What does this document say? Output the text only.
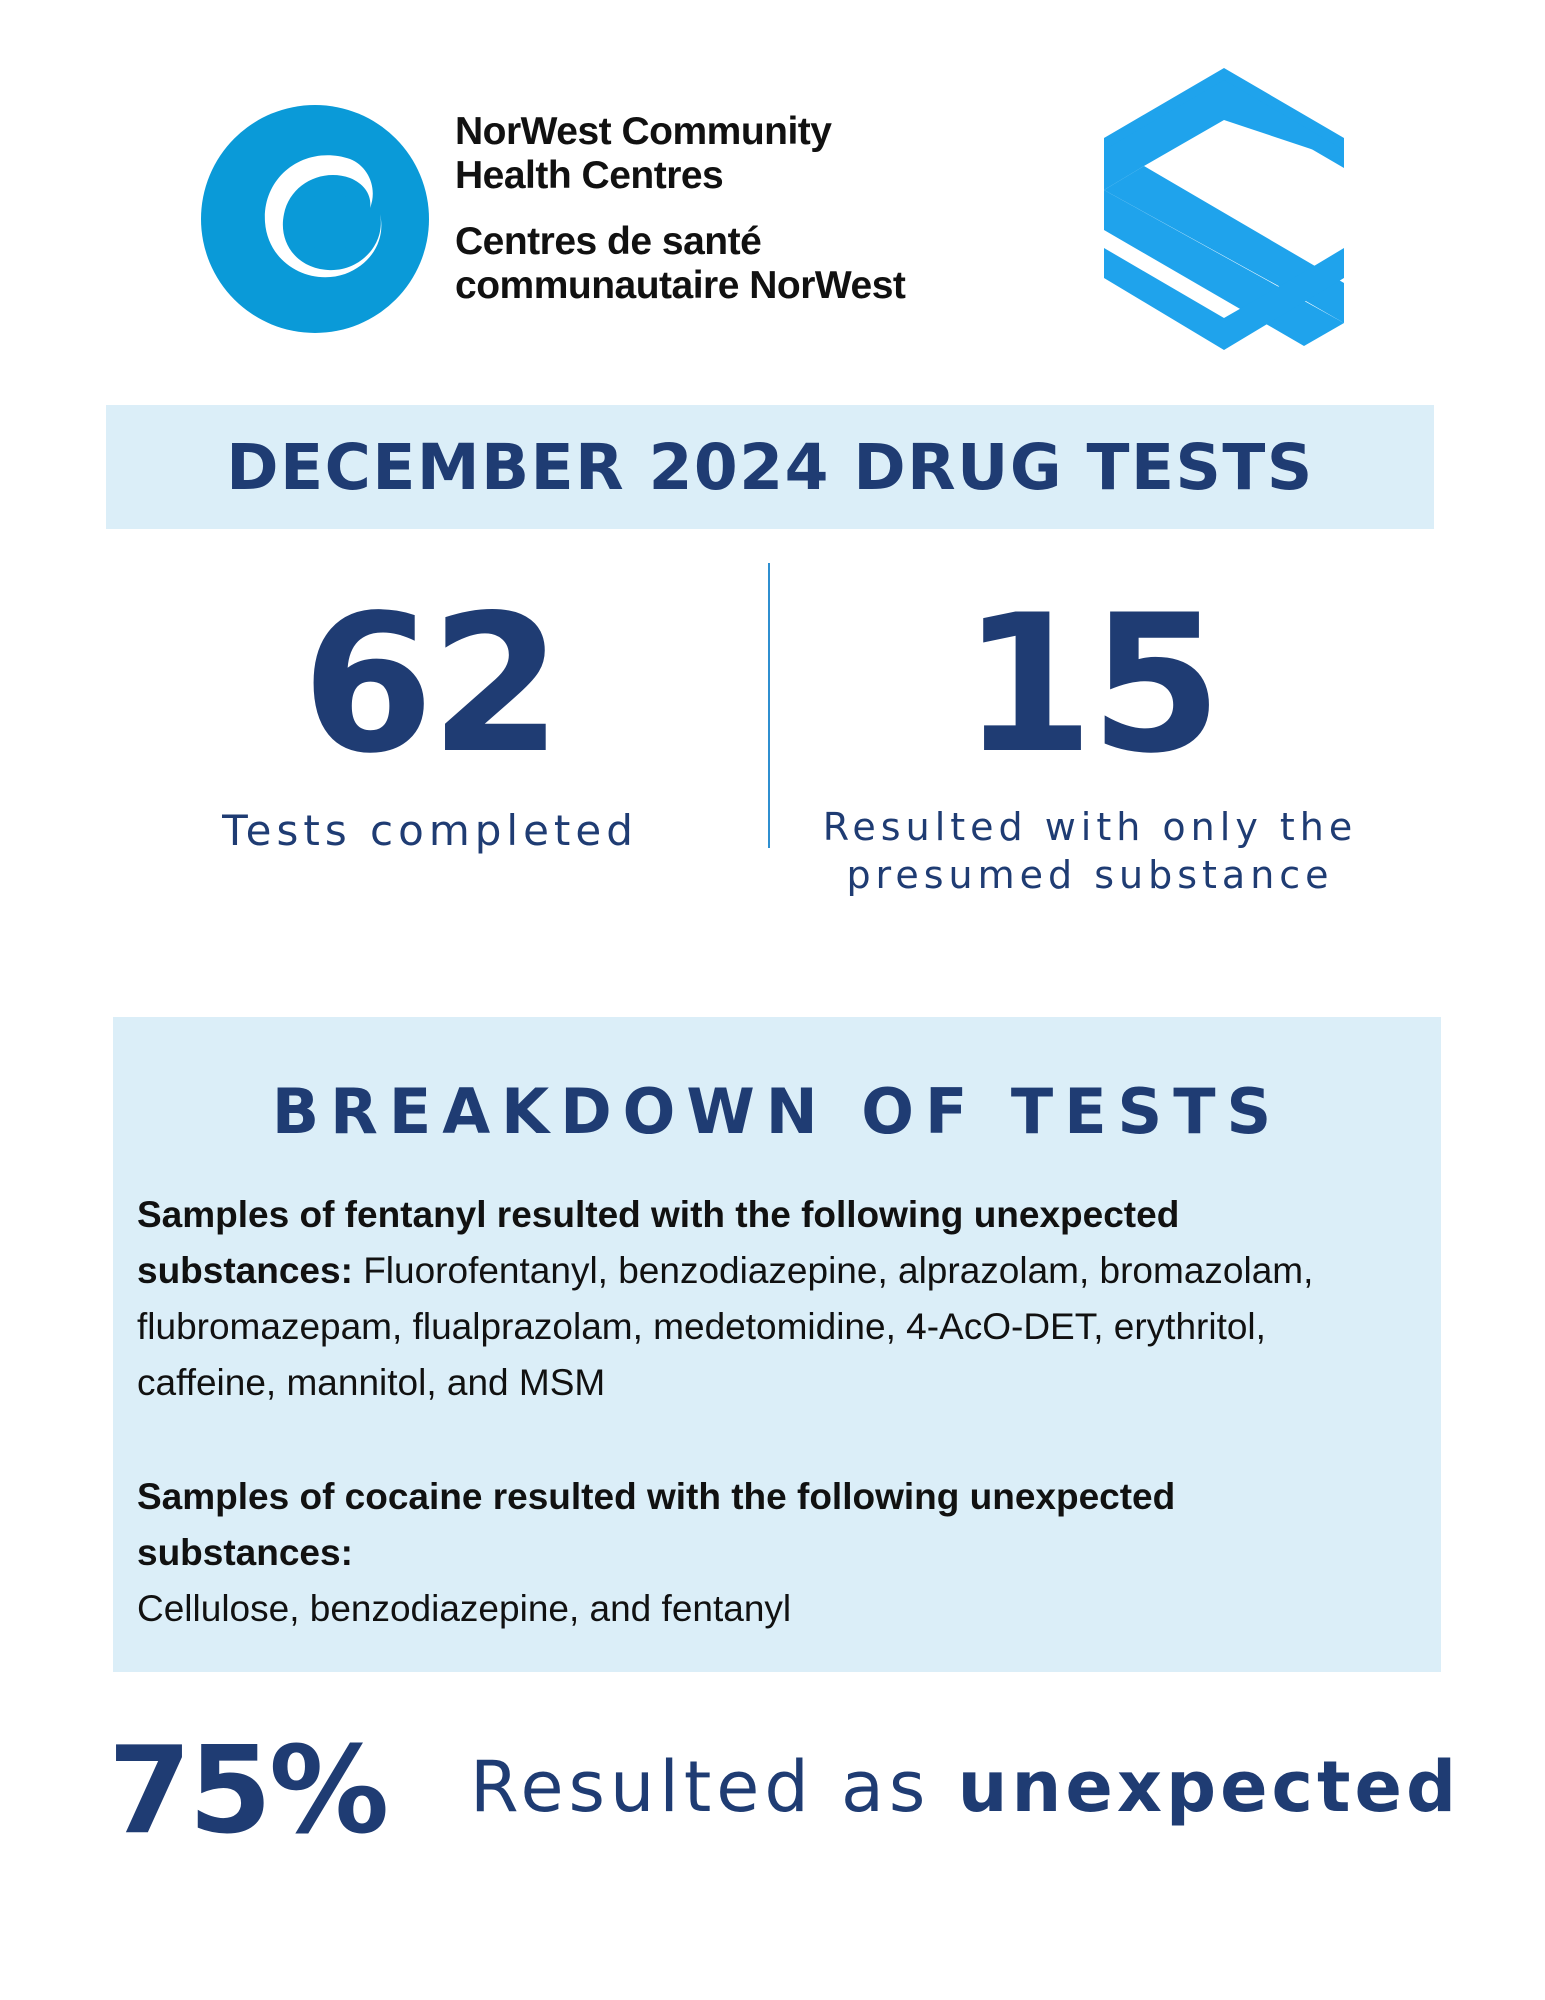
NorWest Community
Health Centres
Centres de santé
communautaire NorWest
DECEMBER 2024 DRUG TESTS
62
Tests completed
15
Resulted with only the
presumed substance
BREAKDOWN OF TESTS
Samples of fentanyl resulted with the following unexpected substances: Fluorofentanyl, benzodiazepine, alprazolam, bromazolam, flubromazepam, flualprazolam, medetomidine, 4-AcO-DET, erythritol, caffeine, mannitol, and MSM
Samples of cocaine resulted with the following unexpected substances:
Cellulose, benzodiazepine, and fentanyl
75% Resulted as unexpected
